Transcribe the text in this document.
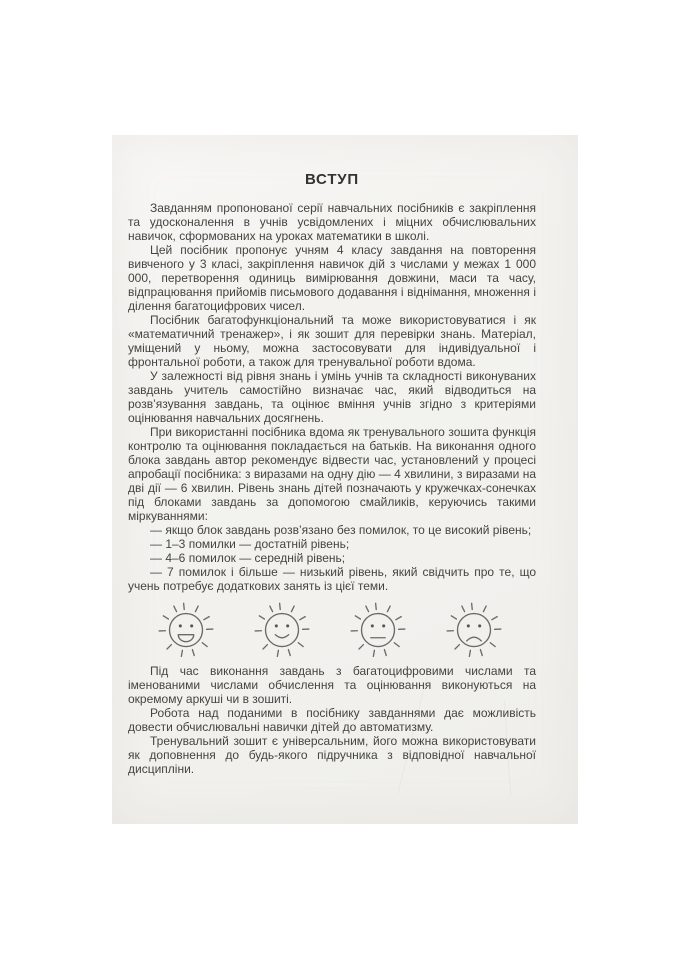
ВСТУП

Завданням пропонованої серії навчальних посібників є закріплення та удосконалення в учнів усвідомлених і міцних обчислювальних навичок, сформованих на уроках математики в школі.

Цей посібник пропонує учням 4 класу завдання на повторення вивченого у 3 класі, закріплення навичок дій з числами у межах 1 000 000, перетворення одиниць вимірювання довжини, маси та часу, відпрацювання прийомів письмового додавання і віднімання, множення і ділення багатоцифрових чисел.

Посібник багатофункціональний та може використовуватися і як «математичний тренажер», і як зошит для перевірки знань. Матеріал, уміщений у ньому, можна застосовувати для індивідуальної і фронтальної роботи, а також для тренувальної роботи вдома.

У залежності від рівня знань і умінь учнів та складності виконуваних завдань учитель самостійно визначає час, який відводиться на розв’язування завдань, та оцінює вміння учнів згідно з критеріями оцінювання навчальних досягнень.

При використанні посібника вдома як тренувального зошита функція контролю та оцінювання покладається на батьків. На виконання одного блока завдань автор рекомендує відвести час, установлений у процесі апробації посібника: з виразами на одну дію — 4 хвилини, з виразами на дві дії — 6 хвилин. Рівень знань дітей позначають у кружечках-сонечках під блоками завдань за допомогою смайликів, керуючись такими міркуваннями:

— якщо блок завдань розв’язано без помилок, то це високий рівень;

— 1–3 помилки — достатній рівень;

— 4–6 помилок — середній рівень;

— 7 помилок і більше — низький рівень, який свідчить про те, що учень потребує додаткових занять із цієї теми.

Під час виконання завдань з багатоцифровими числами та іменованими числами обчислення та оцінювання виконуються на окремому аркуші чи в зошиті.

Робота над поданими в посібнику завданнями дає можливість довести обчислювальні навички дітей до автоматизму.

Тренувальний зошит є універсальним, його можна використовувати як доповнення до будь-якого підручника з відповідної навчальної дисципліни.
